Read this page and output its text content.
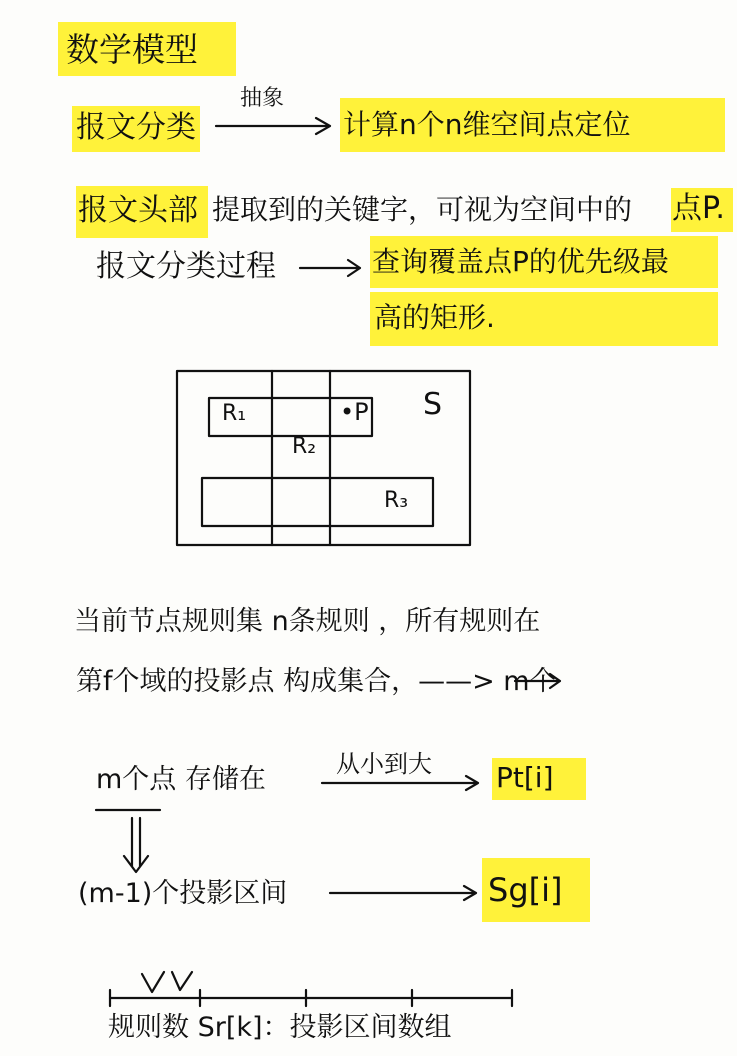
数学模型
报文分类
抽象
计算n个n维空间点定位
报文头部 提取到的关键字，可视为空间中的 点P.
报文分类过程	查询覆盖点P的优先级最
高的矩形.
S
R₁	•P
R₂
R₃
当前节点规则集 n条规则 ，所有规则在
第f个域的投影点 构成集合，——> m个
m个点 存储在	从小到大 Pt[i]
(m-1)个投影区间	Sg[i]
规则数 Sr[k]：投影区间数组
